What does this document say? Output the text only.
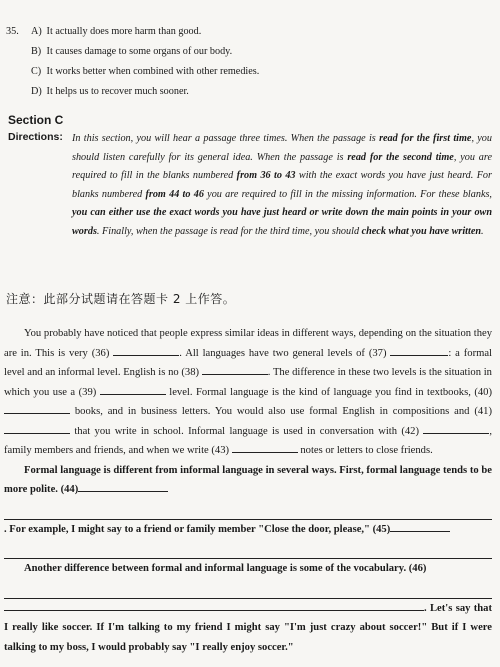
35. A) It actually does more harm than good.
B) It causes damage to some organs of our body.
C) It works better when combined with other remedies.
D) It helps us to recover much sooner.
Section C
Directions: In this section, you will hear a passage three times. When the passage is read for the first time, you should listen carefully for its general idea. When the passage is read for the second time, you are required to fill in the blanks numbered from 36 to 43 with the exact words you have just heard. For blanks numbered from 44 to 46 you are required to fill in the missing information. For these blanks, you can either use the exact words you have just heard or write down the main points in your own words. Finally, when the passage is read for the third time, you should check what you have written.
注意：此部分试题请在答题卡 2 上作答。

You probably have noticed that people express similar ideas in different ways, depending on the situation they are in. This is very (36)	. All languages have two general levels of (37)	: a formal level and an informal level. English is no (38)	. The difference in these two levels is the situation in which you use a (39)	level. Formal language is the kind of language you find in textbooks, (40)  books, and in business letters. You would also use formal English in compositions and (41)  that you write in school. Informal language is used in conversation with (42)	, family members and friends, and when we write (43)	notes or letters to close friends.

Formal language is different from informal language in several ways. First, formal language tends to be more polite. (44)

. For example, I might say to a friend or family member "Close the door, please," (45)

Another difference between formal and informal language is some of the vocabulary. (46)

. Let's say that I really like soccer. If I'm talking to my friend I might say "I'm just crazy about soccer!" But if I were talking to my boss, I would probably say "I really enjoy soccer."
